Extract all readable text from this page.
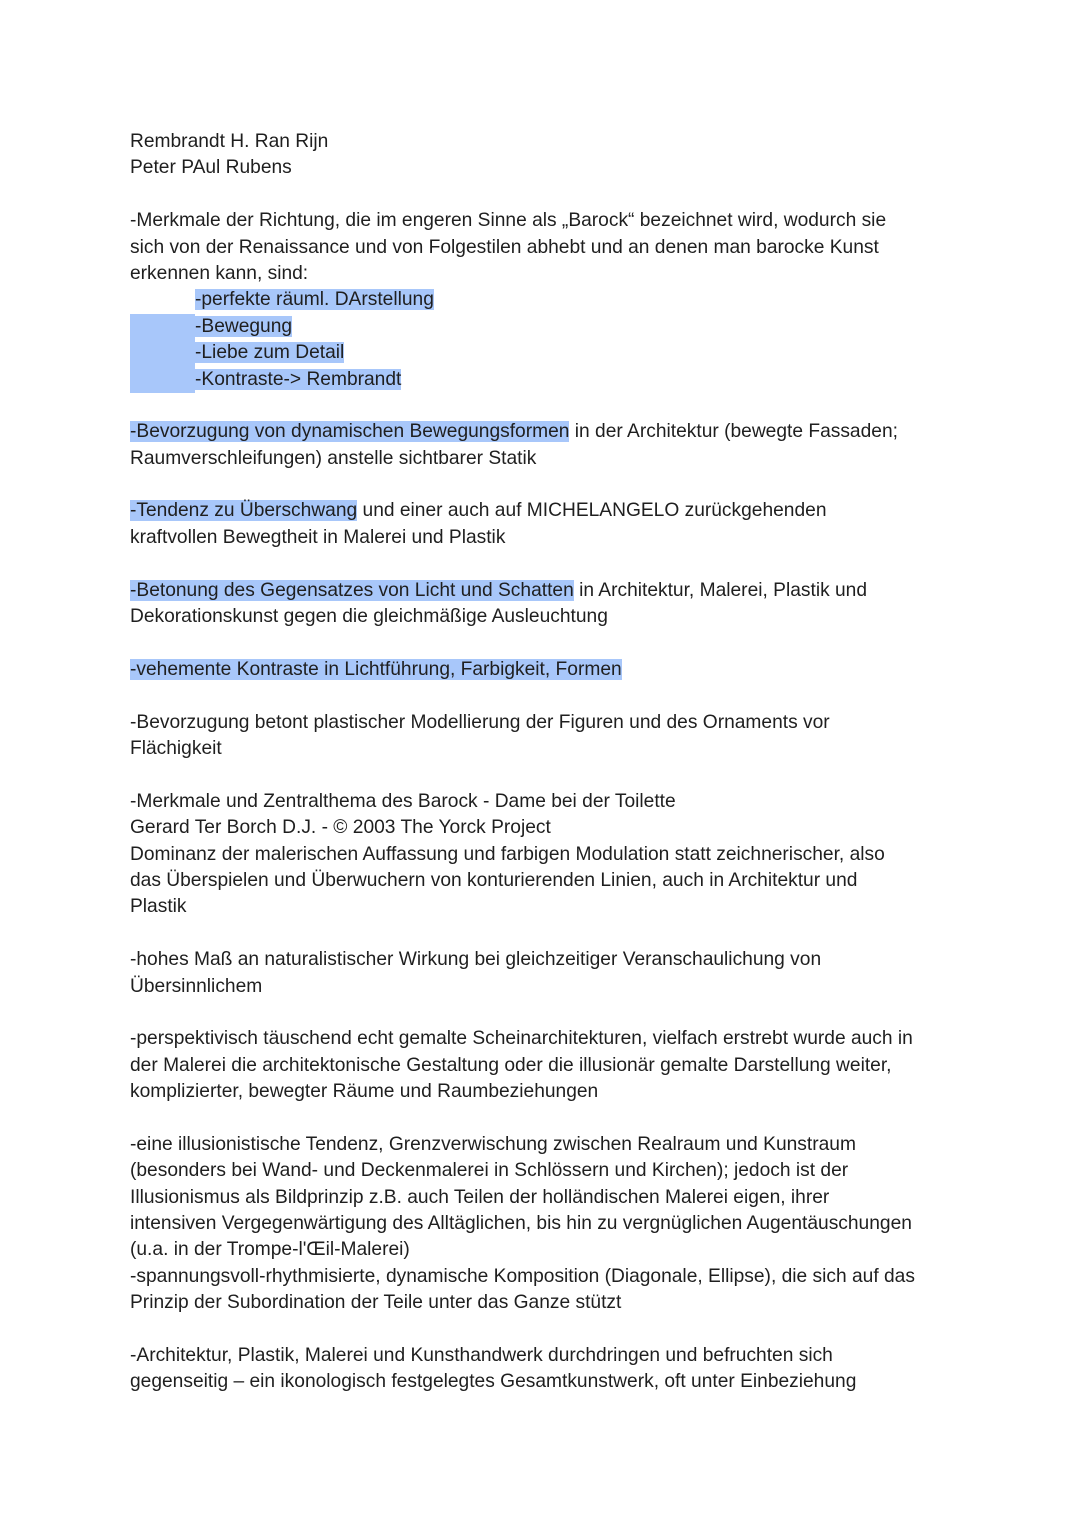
Rembrandt H. Ran Rijn
Peter PAul Rubens
-Merkmale der Richtung, die im engeren Sinne als „Barock“ bezeichnet wird, wodurch sie
sich von der Renaissance und von Folgestilen abhebt und an denen man barocke Kunst
erkennen kann, sind:
-perfekte räuml. DArstellung
-Bewegung
-Liebe zum Detail
-Kontraste-> Rembrandt
-Bevorzugung von dynamischen Bewegungsformen in der Architektur (bewegte Fassaden;
Raumverschleifungen) anstelle sichtbarer Statik
-Tendenz zu Überschwang und einer auch auf MICHELANGELO zurückgehenden
kraftvollen Bewegtheit in Malerei und Plastik
-Betonung des Gegensatzes von Licht und Schatten in Architektur, Malerei, Plastik und
Dekorationskunst gegen die gleichmäßige Ausleuchtung
-vehemente Kontraste in Lichtführung, Farbigkeit, Formen
-Bevorzugung betont plastischer Modellierung der Figuren und des Ornaments vor
Flächigkeit
-Merkmale und Zentralthema des Barock - Dame bei der Toilette
Gerard Ter Borch D.J. - © 2003 The Yorck Project
Dominanz der malerischen Auffassung und farbigen Modulation statt zeichnerischer, also
das Überspielen und Überwuchern von konturierenden Linien, auch in Architektur und
Plastik
-hohes Maß an naturalistischer Wirkung bei gleichzeitiger Veranschaulichung von
Übersinnlichem
-perspektivisch täuschend echt gemalte Scheinarchitekturen, vielfach erstrebt wurde auch in
der Malerei die architektonische Gestaltung oder die illusionär gemalte Darstellung weiter,
komplizierter, bewegter Räume und Raumbeziehungen
-eine illusionistische Tendenz, Grenzverwischung zwischen Realraum und Kunstraum
(besonders bei Wand- und Deckenmalerei in Schlössern und Kirchen); jedoch ist der
Illusionismus als Bildprinzip z.B. auch Teilen der holländischen Malerei eigen, ihrer
intensiven Vergegenwärtigung des Alltäglichen, bis hin zu vergnüglichen Augentäuschungen
(u.a. in der Trompe-l'Œil-Malerei)
-spannungsvoll-rhythmisierte, dynamische Komposition (Diagonale, Ellipse), die sich auf das
Prinzip der Subordination der Teile unter das Ganze stützt
-Architektur, Plastik, Malerei und Kunsthandwerk durchdringen und befruchten sich
gegenseitig – ein ikonologisch festgelegtes Gesamtkunstwerk, oft unter Einbeziehung
